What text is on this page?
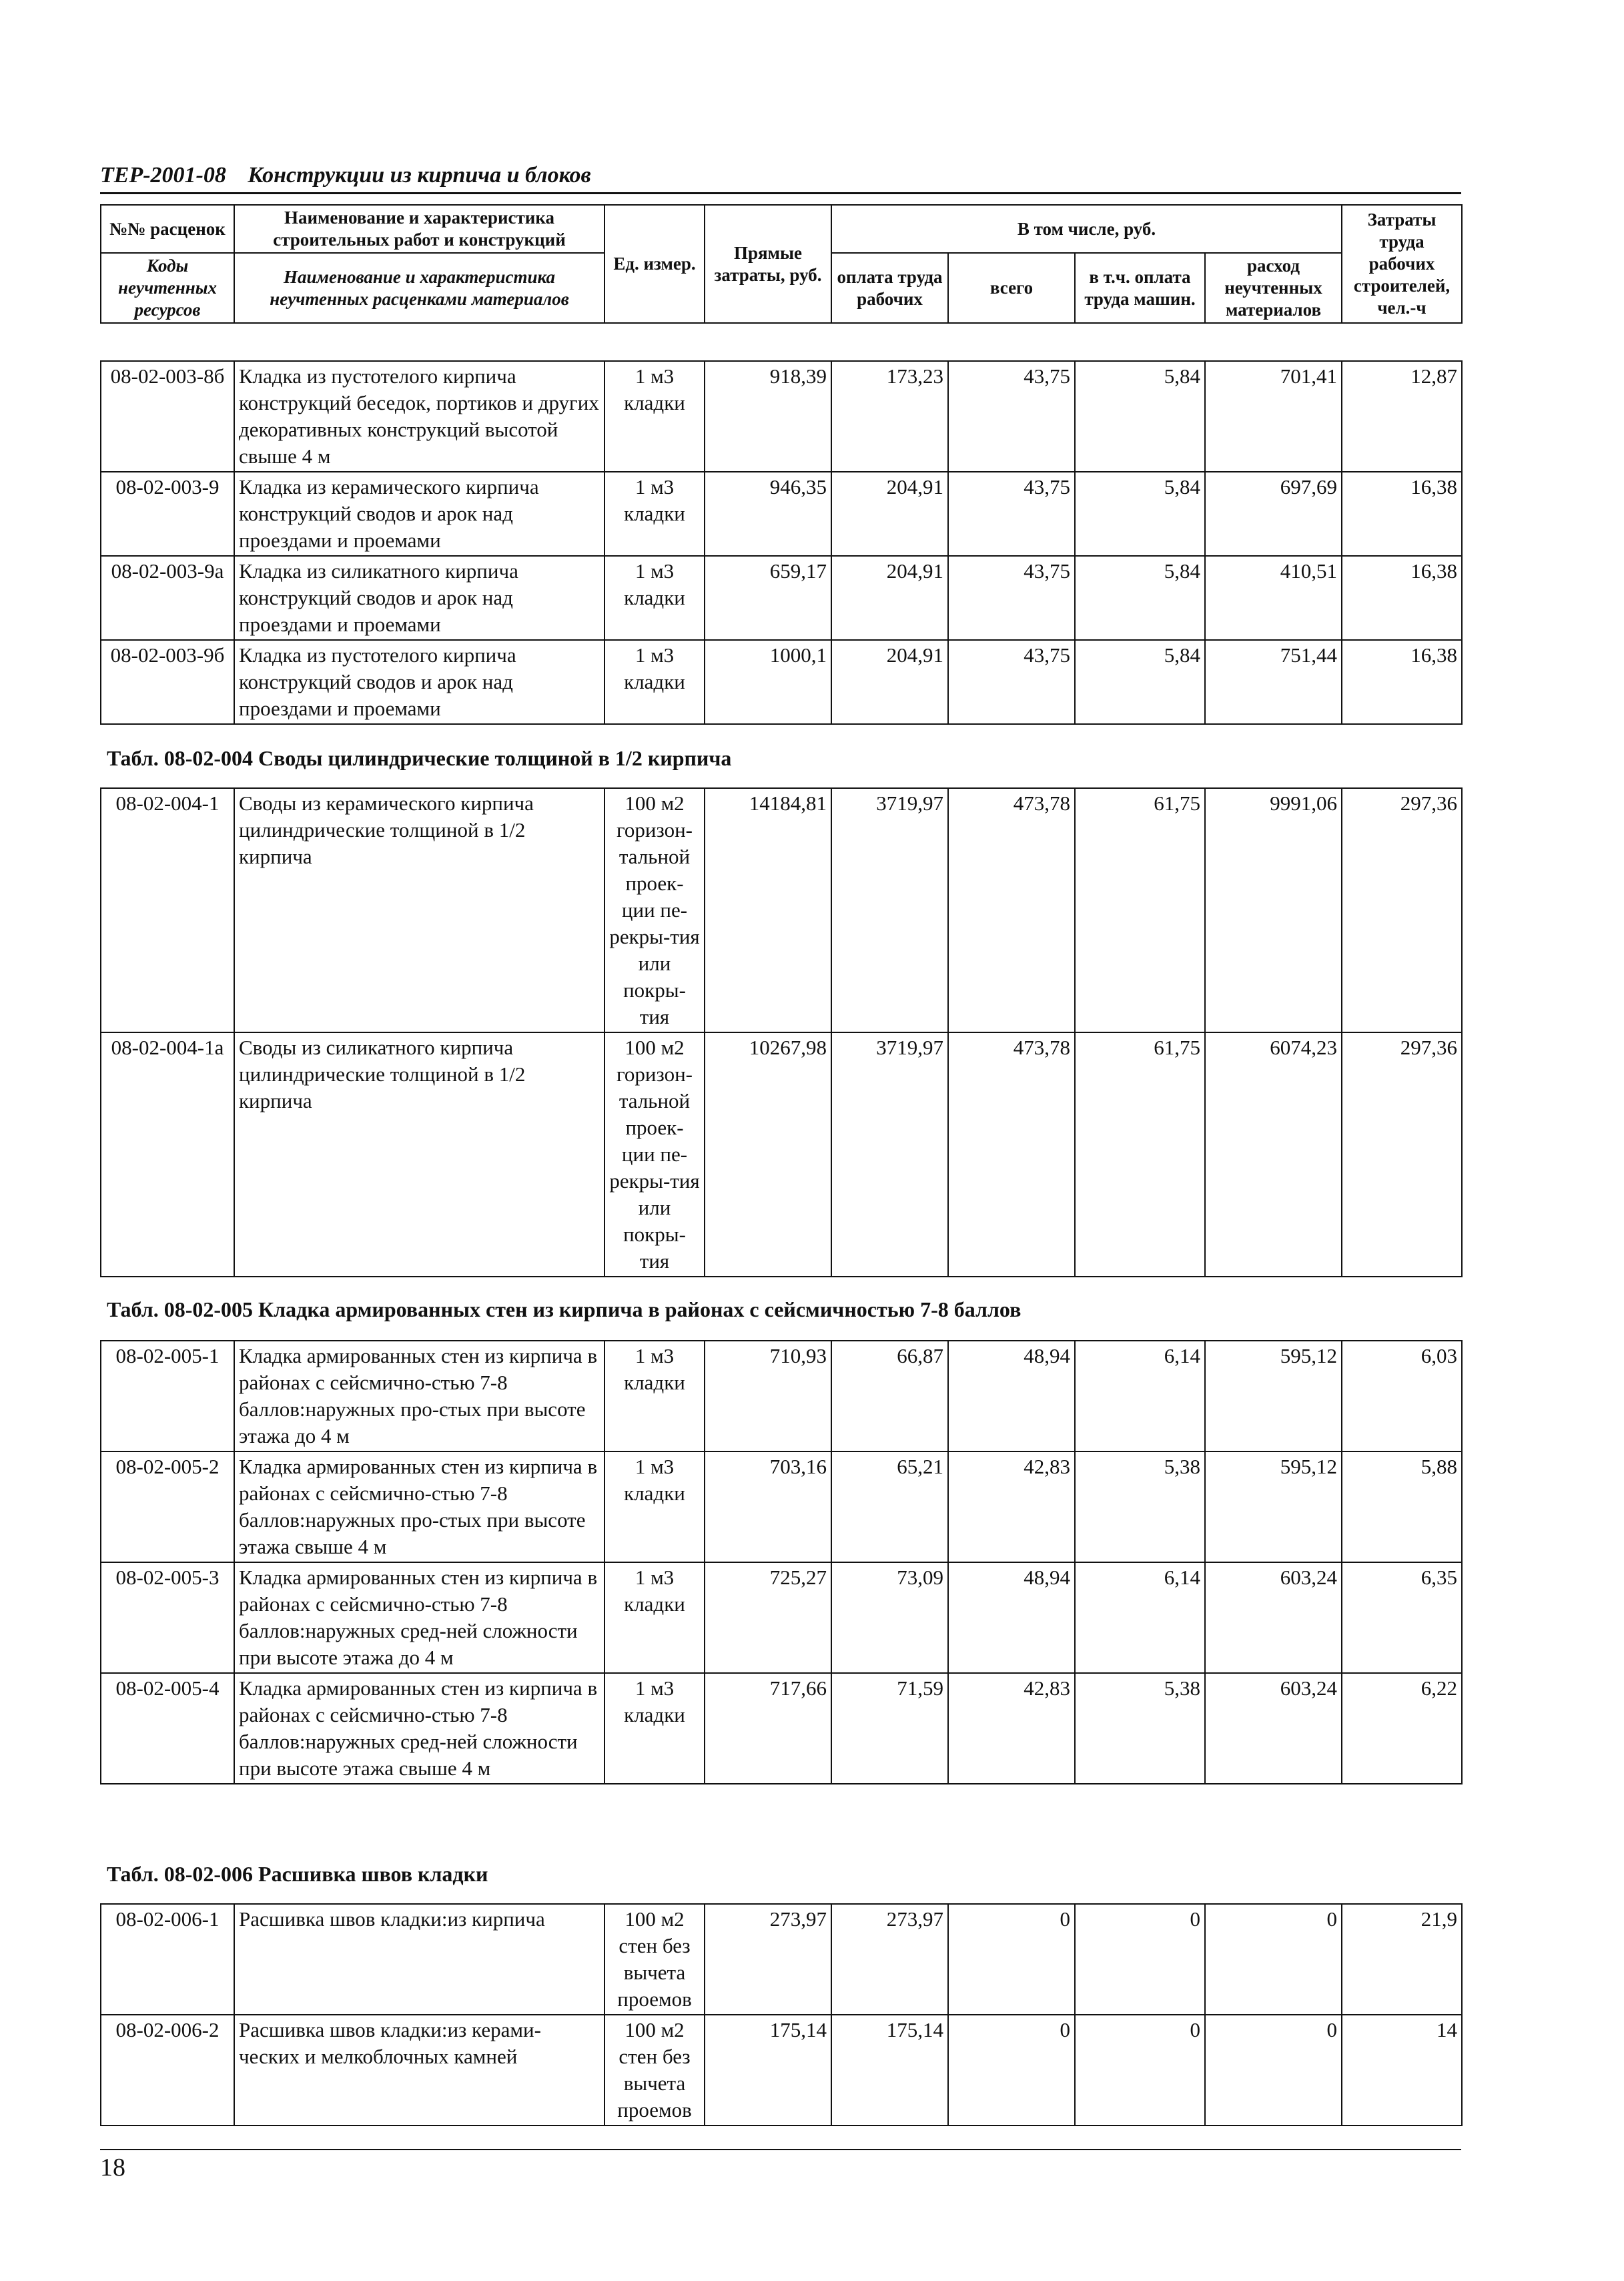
ТЕР-2001-08 Конструкции из кирпича и блоков
№№ расценок	Наименование и характеристика строительных работ и конструкций	Ед. измер.	Прямые затраты, руб.	В том числе, руб.				Затраты труда рабочих строителей, чел.-ч
Коды неучтенных ресурсов	Наименование и характеристика неучтенных расценками материалов			оплата труда рабочих	всего	в т.ч. оплата труда машин.	расход неучтенных материалов	
08-02-003-8б	Кладка из пустотелого кирпича конструкций беседок, портиков и других декоративных конструкций высотой свыше 4 м	1 м3 кладки	918,39	173,23	43,75	5,84	701,41	12,87
08-02-003-9	Кладка из керамического кирпича конструкций сводов и арок над проездами и проемами	1 м3 кладки	946,35	204,91	43,75	5,84	697,69	16,38
08-02-003-9а	Кладка из силикатного кирпича конструкций сводов и арок над проездами и проемами	1 м3 кладки	659,17	204,91	43,75	5,84	410,51	16,38
08-02-003-9б	Кладка из пустотелого кирпича конструкций сводов и арок над проездами и проемами	1 м3 кладки	1000,1	204,91	43,75	5,84	751,44	16,38
Табл. 08-02-004 Своды цилиндрические толщиной в 1/2 кирпича
08-02-004-1	Своды из керамического кирпича цилиндрические толщиной в 1/2 кирпича	100 м2 горизон-тальной проек-ции пе-рекры-тия или покры-тия	14184,81	3719,97	473,78	61,75	9991,06	297,36
08-02-004-1а	Своды из силикатного кирпича цилиндрические толщиной в 1/2 кирпича	100 м2 горизон-тальной проек-ции пе-рекры-тия или покры-тия	10267,98	3719,97	473,78	61,75	6074,23	297,36
Табл. 08-02-005 Кладка армированных стен из кирпича в районах с сейсмичностью 7-8 баллов
08-02-005-1	Кладка армированных стен из кирпича в районах с сейсмично-стью 7-8 баллов:наружных про-стых при высоте этажа до 4 м	1 м3 кладки	710,93	66,87	48,94	6,14	595,12	6,03
08-02-005-2	Кладка армированных стен из кирпича в районах с сейсмично-стью 7-8 баллов:наружных про-стых при высоте этажа свыше 4 м	1 м3 кладки	703,16	65,21	42,83	5,38	595,12	5,88
08-02-005-3	Кладка армированных стен из кирпича в районах с сейсмично-стью 7-8 баллов:наружных сред-ней сложности при высоте этажа до 4 м	1 м3 кладки	725,27	73,09	48,94	6,14	603,24	6,35
08-02-005-4	Кладка армированных стен из кирпича в районах с сейсмично-стью 7-8 баллов:наружных сред-ней сложности при высоте этажа свыше 4 м	1 м3 кладки	717,66	71,59	42,83	5,38	603,24	6,22
Табл. 08-02-006 Расшивка швов кладки
08-02-006-1	Расшивка швов кладки:из кирпича	100 м2 стен без вычета проемов	273,97	273,97	0	0	0	21,9
08-02-006-2	Расшивка швов кладки:из керами-ческих и мелкоблочных камней	100 м2 стен без вычета проемов	175,14	175,14	0	0	0	14
18
